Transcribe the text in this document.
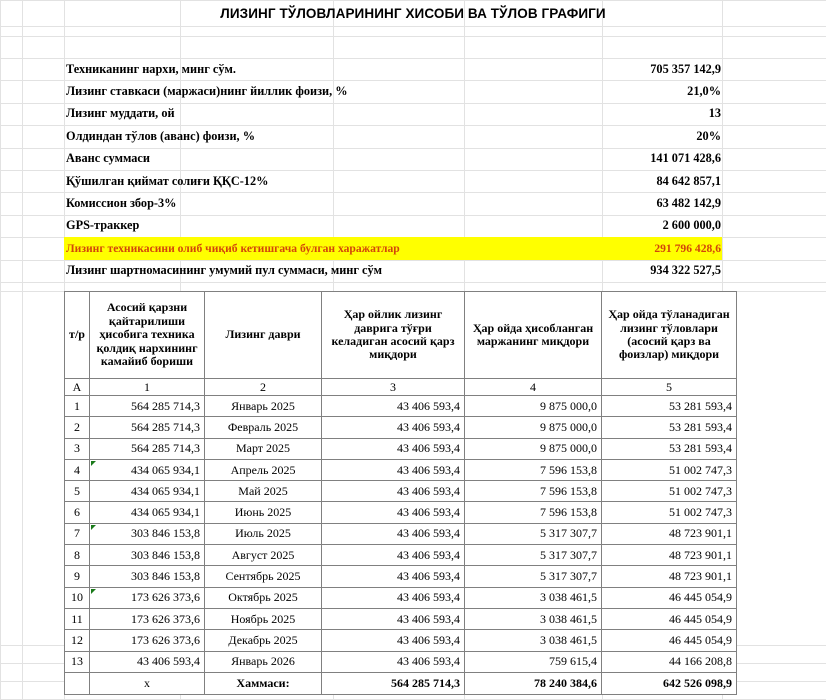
ЛИЗИНГ ТЎЛОВЛАРИНИНГ ХИСОБИ ВА ТЎЛОВ ГРАФИГИ
Техниканинг нархи, минг сўм.	705 357 142,9
Лизинг ставкаси (маржаси)нинг йиллик фоизи, %	21,0%
Лизинг муддати, ой	13
Олдиндан тўлов (аванс) фоизи, %	20%
Аванс суммаси	141 071 428,6
Қўшилган қиймат солиғи ҚҚС-12%	84 642 857,1
Комиссион збор-3%	63 482 142,9
GPS-траккер	2 600 000,0
Лизинг техникасини олиб чиқиб кетишгача булган харажатлар	291 796 428,6
Лизинг шартномасининг умумий пул суммаси, минг сўм	934 322 527,5
т/р	Асосий қарзни қайтарилиши ҳисобига техника қолдиқ нархининг камайиб бориши	Лизинг даври	Ҳар ойлик лизинг даврига тўғри келадиган асосий қарз миқдори	Ҳар ойда ҳисобланган маржанинг миқдори	Ҳар ойда тўланадиган лизинг тўловлари (асосий қарз ва фоизлар) миқдори
А	1	2	3	4	5
1	564 285 714,3	Январь 2025	43 406 593,4	9 875 000,0	53 281 593,4
2	564 285 714,3	Февраль 2025	43 406 593,4	9 875 000,0	53 281 593,4
3	564 285 714,3	Март 2025	43 406 593,4	9 875 000,0	53 281 593,4
4	434 065 934,1	Апрель 2025	43 406 593,4	7 596 153,8	51 002 747,3
5	434 065 934,1	Май 2025	43 406 593,4	7 596 153,8	51 002 747,3
6	434 065 934,1	Июнь 2025	43 406 593,4	7 596 153,8	51 002 747,3
7	303 846 153,8	Июль 2025	43 406 593,4	5 317 307,7	48 723 901,1
8	303 846 153,8	Август 2025	43 406 593,4	5 317 307,7	48 723 901,1
9	303 846 153,8	Сентябрь 2025	43 406 593,4	5 317 307,7	48 723 901,1
10	173 626 373,6	Октябрь 2025	43 406 593,4	3 038 461,5	46 445 054,9
11	173 626 373,6	Ноябрь 2025	43 406 593,4	3 038 461,5	46 445 054,9
12	173 626 373,6	Декабрь 2025	43 406 593,4	3 038 461,5	46 445 054,9
13	43 406 593,4	Январь 2026	43 406 593,4	759 615,4	44 166 208,8
	х	Хаммаси:	564 285 714,3	78 240 384,6	642 526 098,9
